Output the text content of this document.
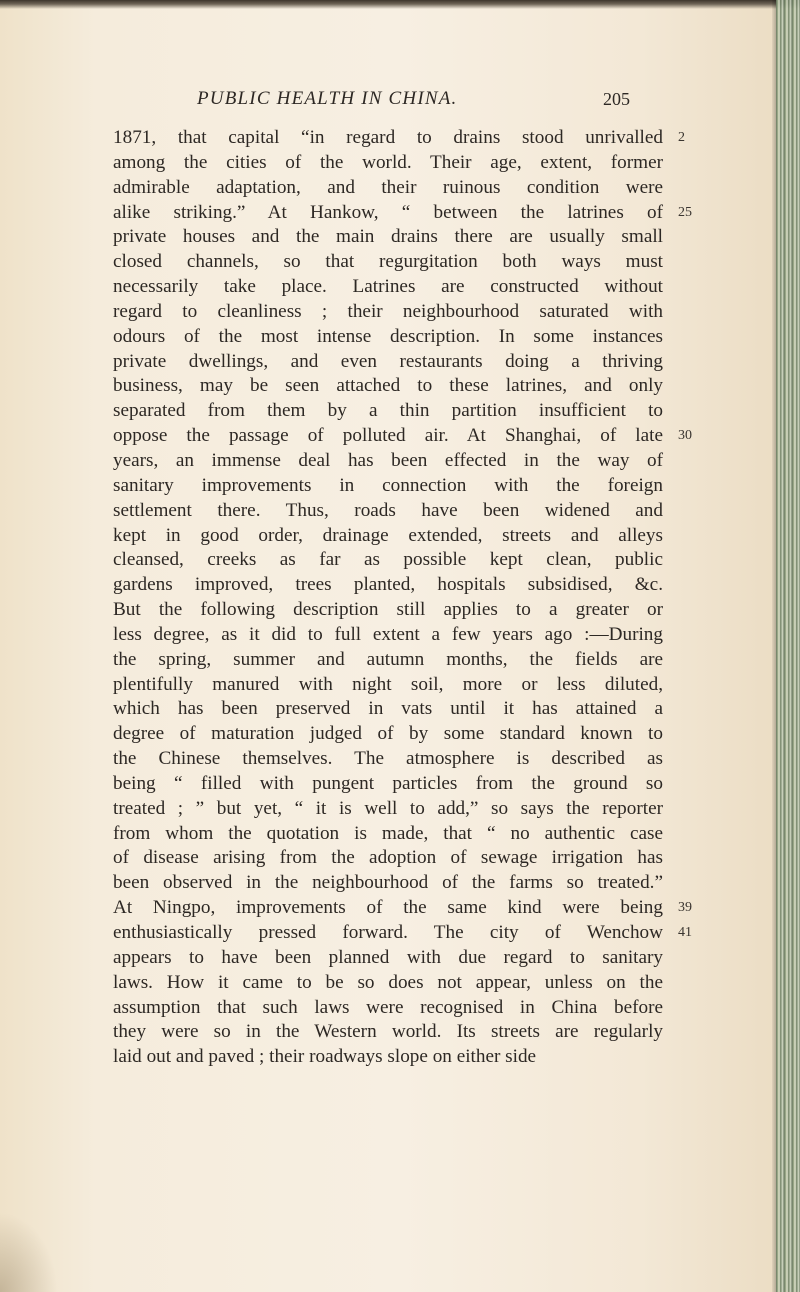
PUBLIC HEALTH IN CHINA.	205
1871, that capital “in regard to drains stood unrivalled 2
among the cities of the world. Their age, extent, former
admirable adaptation, and their ruinous condition were
alike striking.” At Hankow, “ between the latrines of 25
private houses and the main drains there are usually small
closed channels, so that regurgitation both ways must
necessarily take place. Latrines are constructed without
regard to cleanliness ; their neighbourhood saturated with
odours of the most intense description. In some instances
private dwellings, and even restaurants doing a thriving
business, may be seen attached to these latrines, and only
separated from them by a thin partition insufficient to
oppose the passage of polluted air. At Shanghai, of late 30
years, an immense deal has been effected in the way of
sanitary improvements in connection with the foreign
settlement there. Thus, roads have been widened and
kept in good order, drainage extended, streets and alleys
cleansed, creeks as far as possible kept clean, public
gardens improved, trees planted, hospitals subsidised, &c.
But the following description still applies to a greater or
less degree, as it did to full extent a few years ago :—During
the spring, summer and autumn months, the fields are
plentifully manured with night soil, more or less diluted,
which has been preserved in vats until it has attained a
degree of maturation judged of by some standard known to
the Chinese themselves. The atmosphere is described as
being “ filled with pungent particles from the ground so
treated ; ” but yet, “ it is well to add,” so says the reporter
from whom the quotation is made, that “ no authentic case
of disease arising from the adoption of sewage irrigation has
been observed in the neighbourhood of the farms so treated.”
At Ningpo, improvements of the same kind were being 39
enthusiastically pressed forward. The city of Wenchow 41
appears to have been planned with due regard to sanitary
laws. How it came to be so does not appear, unless on the
assumption that such laws were recognised in China before
they were so in the Western world. Its streets are regularly
laid out and paved ; their roadways slope on either side
